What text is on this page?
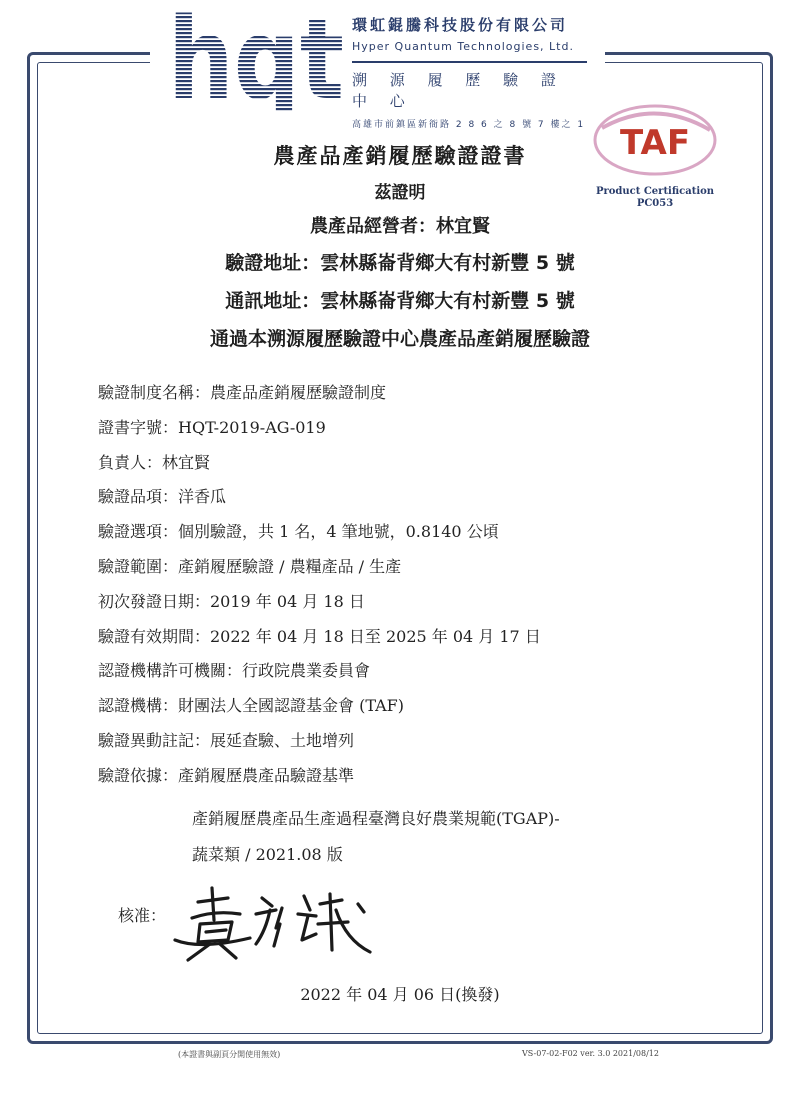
hqt 環虹錕騰科技股份有限公司
Hyper Quantum Technologies, Ltd.
溯 源 履 歷 驗 證 中 心
高雄市前鎮區新衙路 2 8 6 之 8 號 7 樓之 1	TAF
Product Certification
PC053
農產品產銷履歷驗證證書
茲證明
農產品經營者：林宜賢
驗證地址：雲林縣崙背鄉大有村新豐 5 號
通訊地址：雲林縣崙背鄉大有村新豐 5 號
通過本溯源履歷驗證中心農產品產銷履歷驗證
驗證制度名稱：農產品產銷履歷驗證制度
證書字號：HQT-2019-AG-019
負責人：林宜賢
驗證品項：洋香瓜
驗證選項：個別驗證，共 1 名，4 筆地號，0.8140 公頃
驗證範圍：產銷履歷驗證 / 農糧產品 / 生產
初次發證日期：2019 年 04 月 18 日
驗證有效期間：2022 年 04 月 18 日至 2025 年 04 月 17 日
認證機構許可機關：行政院農業委員會
認證機構：財團法人全國認證基金會 (TAF)
驗證異動註記：展延查驗、土地增列
驗證依據：產銷履歷農產品驗證基準
產銷履歷農產品生產過程臺灣良好農業規範(TGAP)-
蔬菜類 / 2021.08 版
核准：
2022 年 04 月 06 日(換發)
(本證書與副頁分開使用無效)	VS-07-02-F02 ver. 3.0 2021/08/12
